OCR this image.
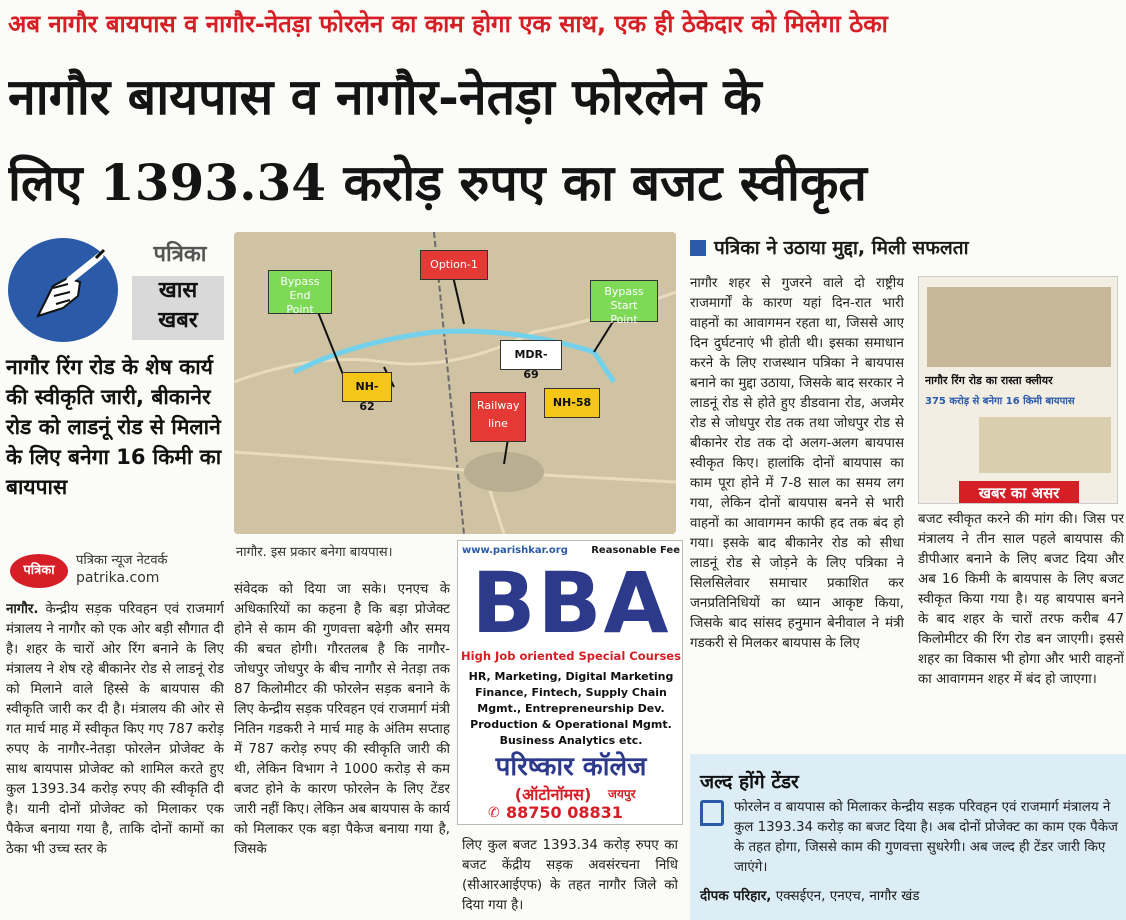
अब नागौर बायपास व नागौर-नेतड़ा फोरलेन का काम होगा एक साथ, एक ही ठेकेदार को मिलेगा ठेका
नागौर बायपास व नागौर-नेतड़ा फोरलेन के
लिए 1393.34 करोड़ रुपए का बजट स्वीकृत
पत्रिका
खास
खबर
नागौर रिंग रोड के शेष कार्य की स्वीकृति जारी, बीकानेर रोड को लाडनूं रोड से मिलाने के लिए बनेगा 16 किमी का बायपास
पत्रिका
पत्रिका न्यूज नेटवर्क
patrika.com
नागौर. केन्द्रीय सड़क परिवहन एवं राजमार्ग मंत्रालय ने नागौर को एक ओर बड़ी सौगात दी है। शहर के चारों ओर रिंग बनाने के लिए मंत्रालय ने शेष रहे बीकानेर रोड से लाडनूं रोड को मिलाने वाले हिस्से के बायपास की स्वीकृति जारी कर दी है। मंत्रालय की ओर से गत मार्च माह में स्वीकृत किए गए 787 करोड़ रुपए के नागौर-नेतड़ा फोरलेन प्रोजेक्ट के साथ बायपास प्रोजेक्ट को शामिल करते हुए कुल 1393.34 करोड़ रुपए की स्वीकृति दी है। यानी दोनों प्रोजेक्ट को मिलाकर एक पैकेज बनाया गया है, ताकि दोनों कामों का ठेका भी उच्च स्तर के
Bypass End Point
Option-1
Bypass Start Point
MDR-69
NH-62	Railway line
NH-58
नागौर. इस प्रकार बनेगा बायपास।
संवेदक को दिया जा सके। एनएच के अधिकारियों का कहना है कि बड़ा प्रोजेक्ट होने से काम की गुणवत्ता बढ़ेगी और समय की बचत होगी। गौरतलब है कि नागौर-जोधपुर जोधपुर के बीच नागौर से नेतड़ा तक 87 किलोमीटर की फोरलेन सड़क बनाने के लिए केन्द्रीय सड़क परिवहन एवं राजमार्ग मंत्री नितिन गडकरी ने मार्च माह के अंतिम सप्ताह में 787 करोड़ रुपए की स्वीकृति जारी की थी, लेकिन विभाग ने 1000 करोड़ से कम बजट होने के कारण फोरलेन के लिए टेंडर जारी नहीं किए। लेकिन अब बायपास के कार्य को मिलाकर एक बड़ा पैकेज बनाया गया है, जिसके
www.parishkar.org	Reasonable Fee
BBA
High Job oriented Special Courses
HR, Marketing, Digital Marketing Finance, Fintech, Supply Chain Mgmt., Entrepreneurship Dev. Production & Operational Mgmt. Business Analytics etc.
परिष्कार कॉलेज
(ऑटोनॉमस)	जयपुर
✆ 88750 08831
लिए कुल बजट 1393.34 करोड़ रुपए का बजट केंद्रीय सड़क अवसंरचना निधि (सीआरआईएफ) के तहत नागौर जिले को दिया गया है।
पत्रिका ने उठाया मुद्दा, मिली सफलता
नागौर शहर से गुजरने वाले दो राष्ट्रीय राजमार्गों के कारण यहां दिन-रात भारी वाहनों का आवागमन रहता था, जिससे आए दिन दुर्घटनाएं भी होती थी। इसका समाधान करने के लिए राजस्थान पत्रिका ने बायपास बनाने का मुद्दा उठाया, जिसके बाद सरकार ने लाडनूं रोड से होते हुए डीडवाना रोड, अजमेर रोड से जोधपुर रोड तक तथा जोधपुर रोड से बीकानेर रोड तक दो अलग-अलग बायपास स्वीकृत किए। हालांकि दोनों बायपास का काम पूरा होने में 7-8 साल का समय लग गया, लेकिन दोनों बायपास बनने से भारी वाहनों का आवागमन काफी हद तक बंद हो गया। इसके बाद बीकानेर रोड को सीधा लाडनूं रोड से जोड़ने के लिए पत्रिका ने सिलसिलेवार समाचार प्रकाशित कर जनप्रतिनिधियों का ध्यान आकृष्ट किया, जिसके बाद सांसद हनुमान बेनीवाल ने मंत्री गडकरी से मिलकर बायपास के लिए
नागौर रिंग रोड का रास्ता क्लीयर
375 करोड़ से बनेगा 16 किमी बायपास
खबर का असर
बजट स्वीकृत करने की मांग की। जिस पर मंत्रालय ने तीन साल पहले बायपास की डीपीआर बनाने के लिए बजट दिया और अब 16 किमी के बायपास के लिए बजट स्वीकृत किया गया है। यह बायपास बनने के बाद शहर के चारों तरफ करीब 47 किलोमीटर की रिंग रोड बन जाएगी। इससे शहर का विकास भी होगा और भारी वाहनों का आवागमन शहर में बंद हो जाएगा।
जल्द होंगे टेंडर
फोरलेन व बायपास को मिलाकर केन्द्रीय सड़क परिवहन एवं राजमार्ग मंत्रालय ने कुल 1393.34 करोड़ का बजट दिया है। अब दोनों प्रोजेक्ट का काम एक पैकेज के तहत होगा, जिससे काम की गुणवत्ता सुधरेगी। अब जल्द ही टेंडर जारी किए जाएंगे।
दीपक परिहार, एक्सईएन, एनएच, नागौर खंड
